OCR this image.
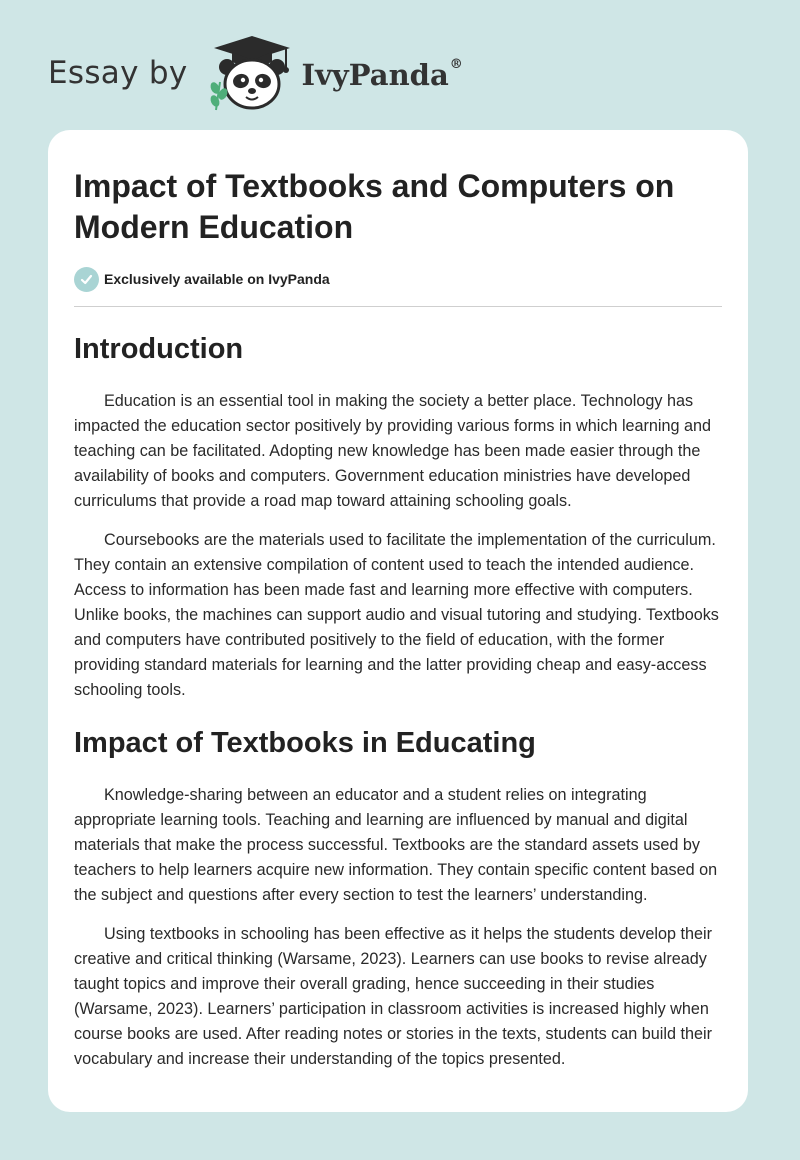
Essay by	IvyPanda®
Impact of Textbooks and Computers on Modern Education
Exclusively available on IvyPanda
Introduction

Education is an essential tool in making the society a better place. Technology has impacted the education sector positively by providing various forms in which learning and teaching can be facilitated. Adopting new knowledge has been made easier through the availability of books and computers. Government education ministries have developed curriculums that provide a road map toward attaining schooling goals.

Coursebooks are the materials used to facilitate the implementation of the curriculum. They contain an extensive compilation of content used to teach the intended audience. Access to information has been made fast and learning more effective with computers. Unlike books, the machines can support audio and visual tutoring and studying. Textbooks and computers have contributed positively to the field of education, with the former providing standard materials for learning and the latter providing cheap and easy-access schooling tools.

Impact of Textbooks in Educating

Knowledge-sharing between an educator and a student relies on integrating appropriate learning tools. Teaching and learning are influenced by manual and digital materials that make the process successful. Textbooks are the standard assets used by teachers to help learners acquire new information. They contain specific content based on the subject and questions after every section to test the learners’ understanding.

Using textbooks in schooling has been effective as it helps the students develop their creative and critical thinking (Warsame, 2023). Learners can use books to revise already taught topics and improve their overall grading, hence succeeding in their studies (Warsame, 2023). Learners’ participation in classroom activities is increased highly when course books are used. After reading notes or stories in the texts, students can build their vocabulary and increase their understanding of the topics presented.
